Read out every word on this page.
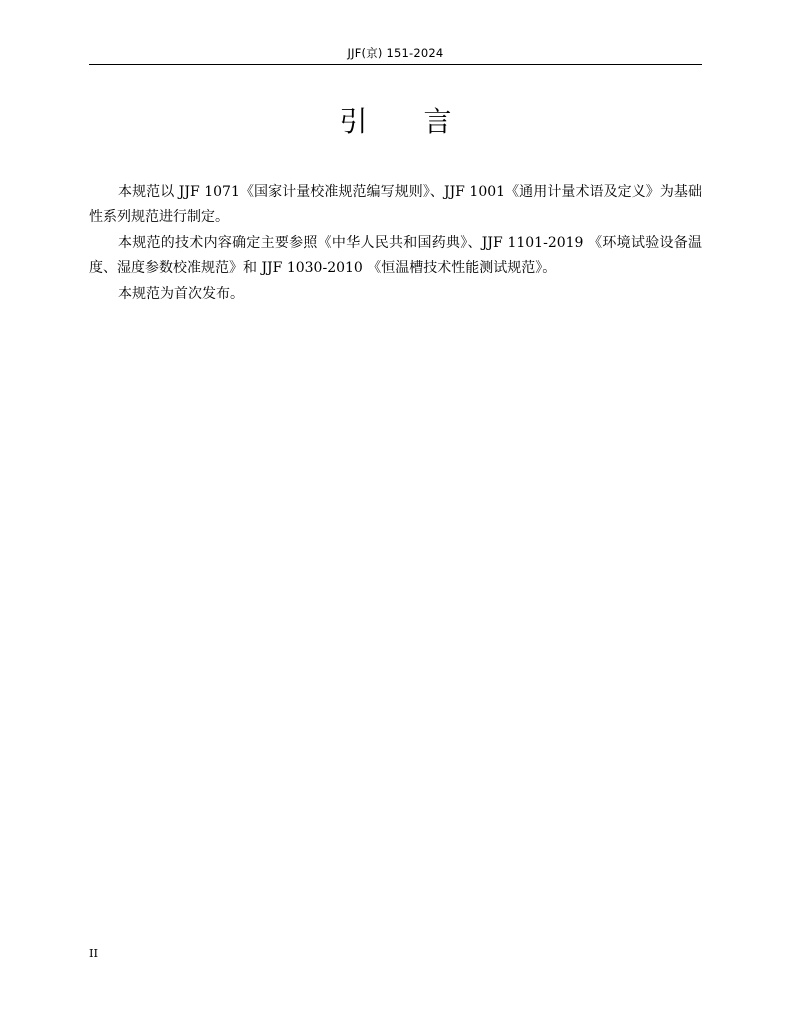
JJF(京) 151-2024
引 言

本规范以 JJF 1071《国家计量校准规范编写规则》、JJF 1001《通用计量术语及定义》为基础性系列规范进行制定。

本规范的技术内容确定主要参照《中华人民共和国药典》、JJF 1101-2019 《环境试验设备温度、湿度参数校准规范》和 JJF 1030-2010 《恒温槽技术性能测试规范》。

本规范为首次发布。

II
